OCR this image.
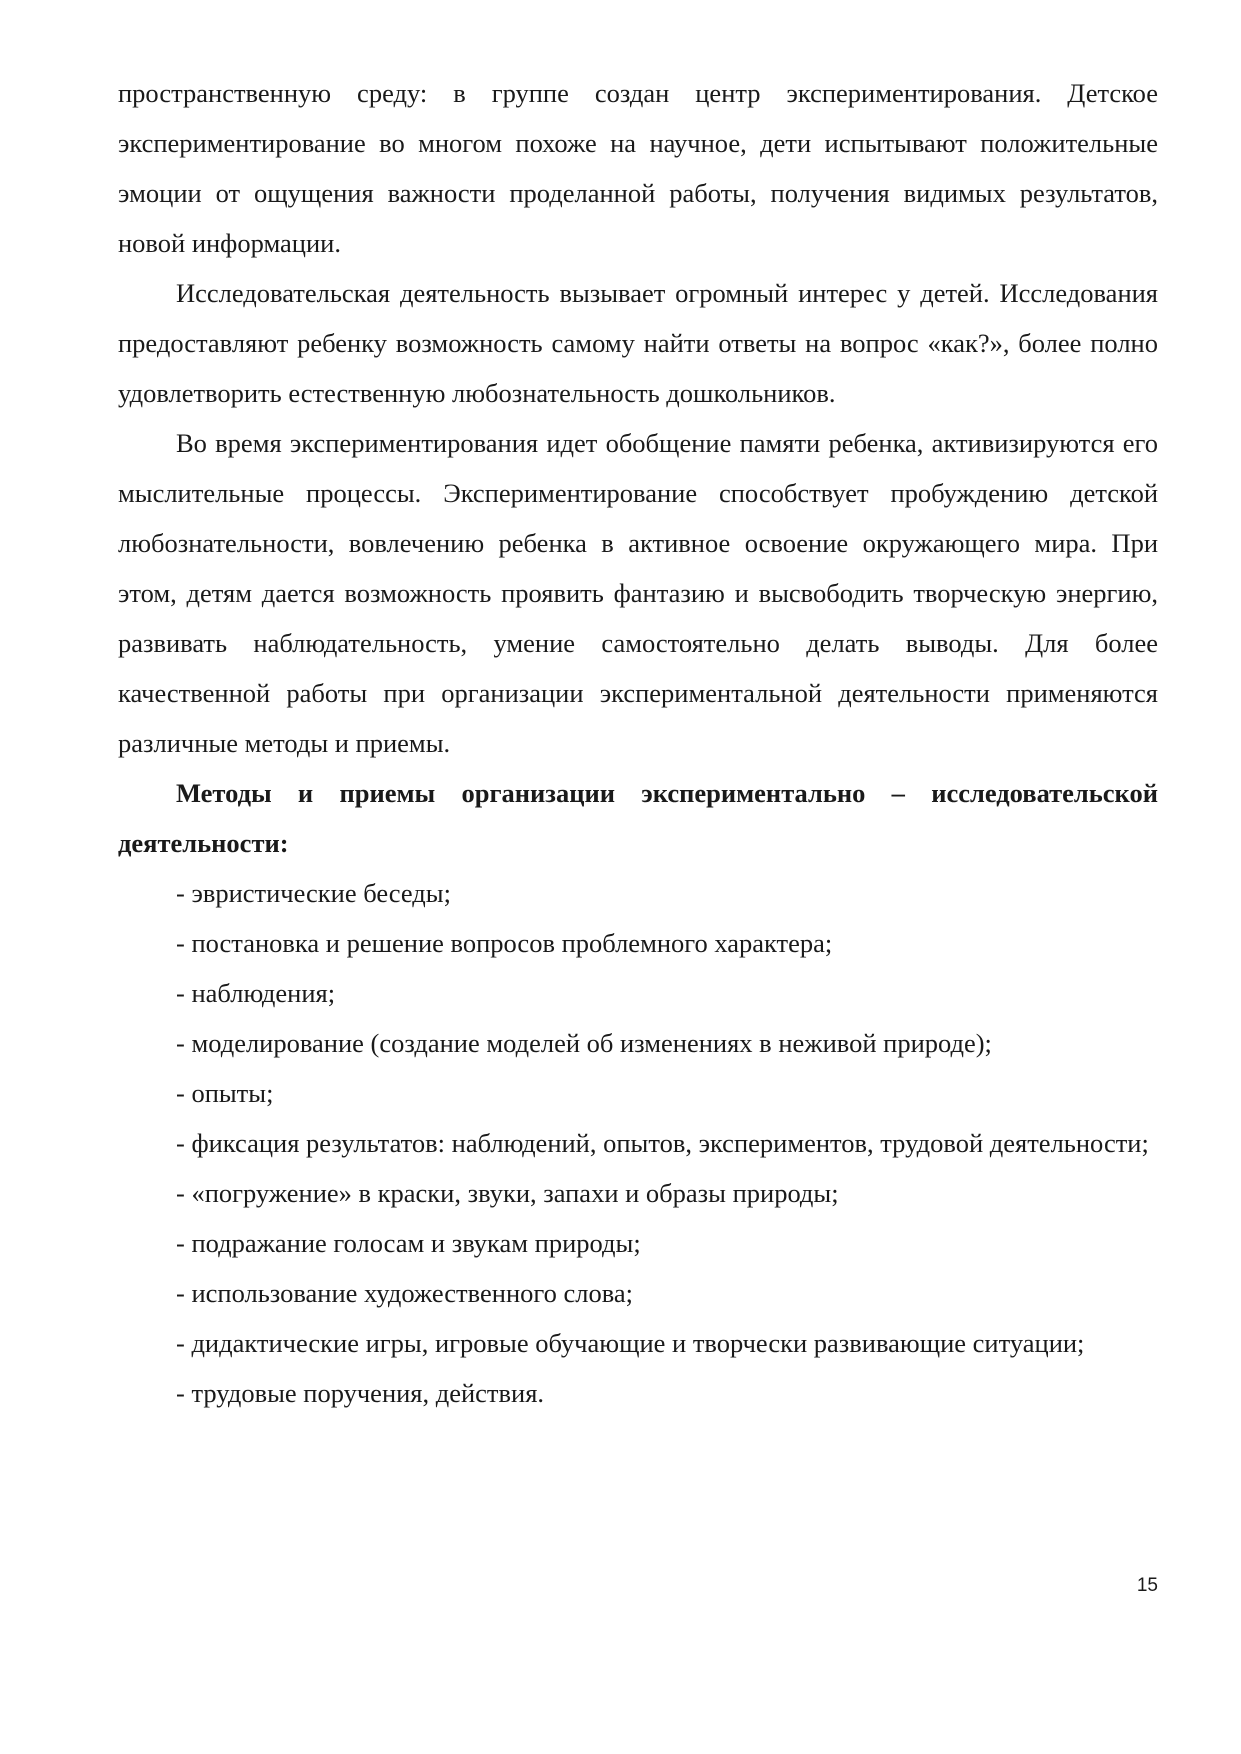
пространственную среду: в группе создан центр экспериментирования. Детское экспериментирование во многом похоже на научное, дети испытывают положительные эмоции от ощущения важности проделанной работы, получения видимых результатов, новой информации.

Исследовательская деятельность вызывает огромный интерес у детей. Исследования предоставляют ребенку возможность самому найти ответы на вопрос «как?», более полно удовлетворить естественную любознательность дошкольников.

Во время экспериментирования идет обобщение памяти ребенка, активизируются его мыслительные процессы. Экспериментирование способствует пробуждению детской любознательности, вовлечению ребенка в активное освоение окружающего мира. При этом, детям дается возможность проявить фантазию и высвободить творческую энергию, развивать наблюдательность, умение самостоятельно делать выводы. Для более качественной работы при организации экспериментальной деятельности применяются различные методы и приемы.

Методы и приемы организации экспериментально – исследовательской деятельности:

- эвристические беседы;

- постановка и решение вопросов проблемного характера;

- наблюдения;

- моделирование (создание моделей об изменениях в неживой природе);

- опыты;

- фиксация результатов: наблюдений, опытов, экспериментов, трудовой деятельности;

- «погружение» в краски, звуки, запахи и образы природы;

- подражание голосам и звукам природы;

- использование художественного слова;

- дидактические игры, игровые обучающие и творчески развивающие ситуации;

- трудовые поручения, действия.

15
